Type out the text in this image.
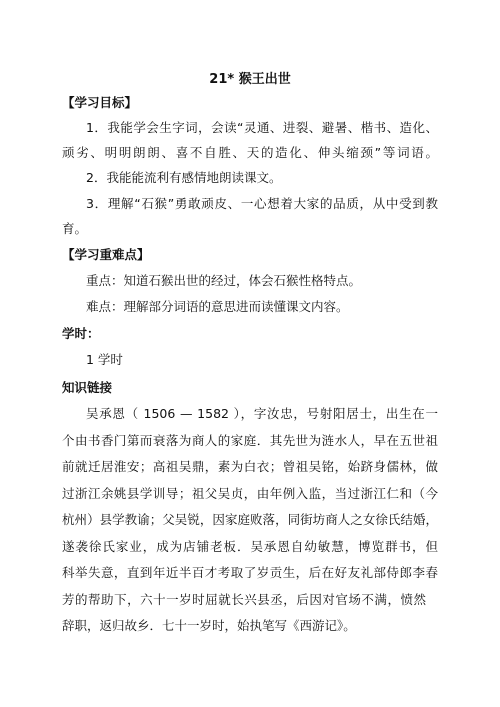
21* 猴王出世
【学习目标】
1．我能学会生字词，会读“灵通、进裂、避暑、楷书、造化、
顽劣、明明朗朗、喜不自胜、天的造化、伸头缩颈”等词语。
2．我能能流利有感情地朗读课文。
3．理解“石猴”勇敢顽皮、一心想着大家的品质，从中受到教
育。
【学习重难点】
重点：知道石猴出世的经过，体会石猴性格特点。
难点：理解部分词语的意思进而读懂课文内容。
学时：
1 学时
知识链接
吴承恩（ 1506 — 1582 ），字汝忠，号射阳居士，出生在一
个由书香门第而衰落为商人的家庭．其先世为涟水人，早在五世祖
前就迁居淮安；高祖吴鼎，素为白衣；曾祖吴铭，始跻身儒林，做
过浙江余姚县学训导；祖父吴贞，由年例入监，当过浙江仁和（今
杭州）县学教谕；父吴锐，因家庭败落，同街坊商人之女徐氏结婚，
遂袭徐氏家业，成为店铺老板．吴承恩自幼敏慧，博览群书，但
科举失意，直到年近半百才考取了岁贡生，后在好友礼部侍郎李春
芳的帮助下，六十一岁时屈就长兴县丞，后因对官场不满，愤然
辞职，返归故乡．七十一岁时，始执笔写《西游记》。
